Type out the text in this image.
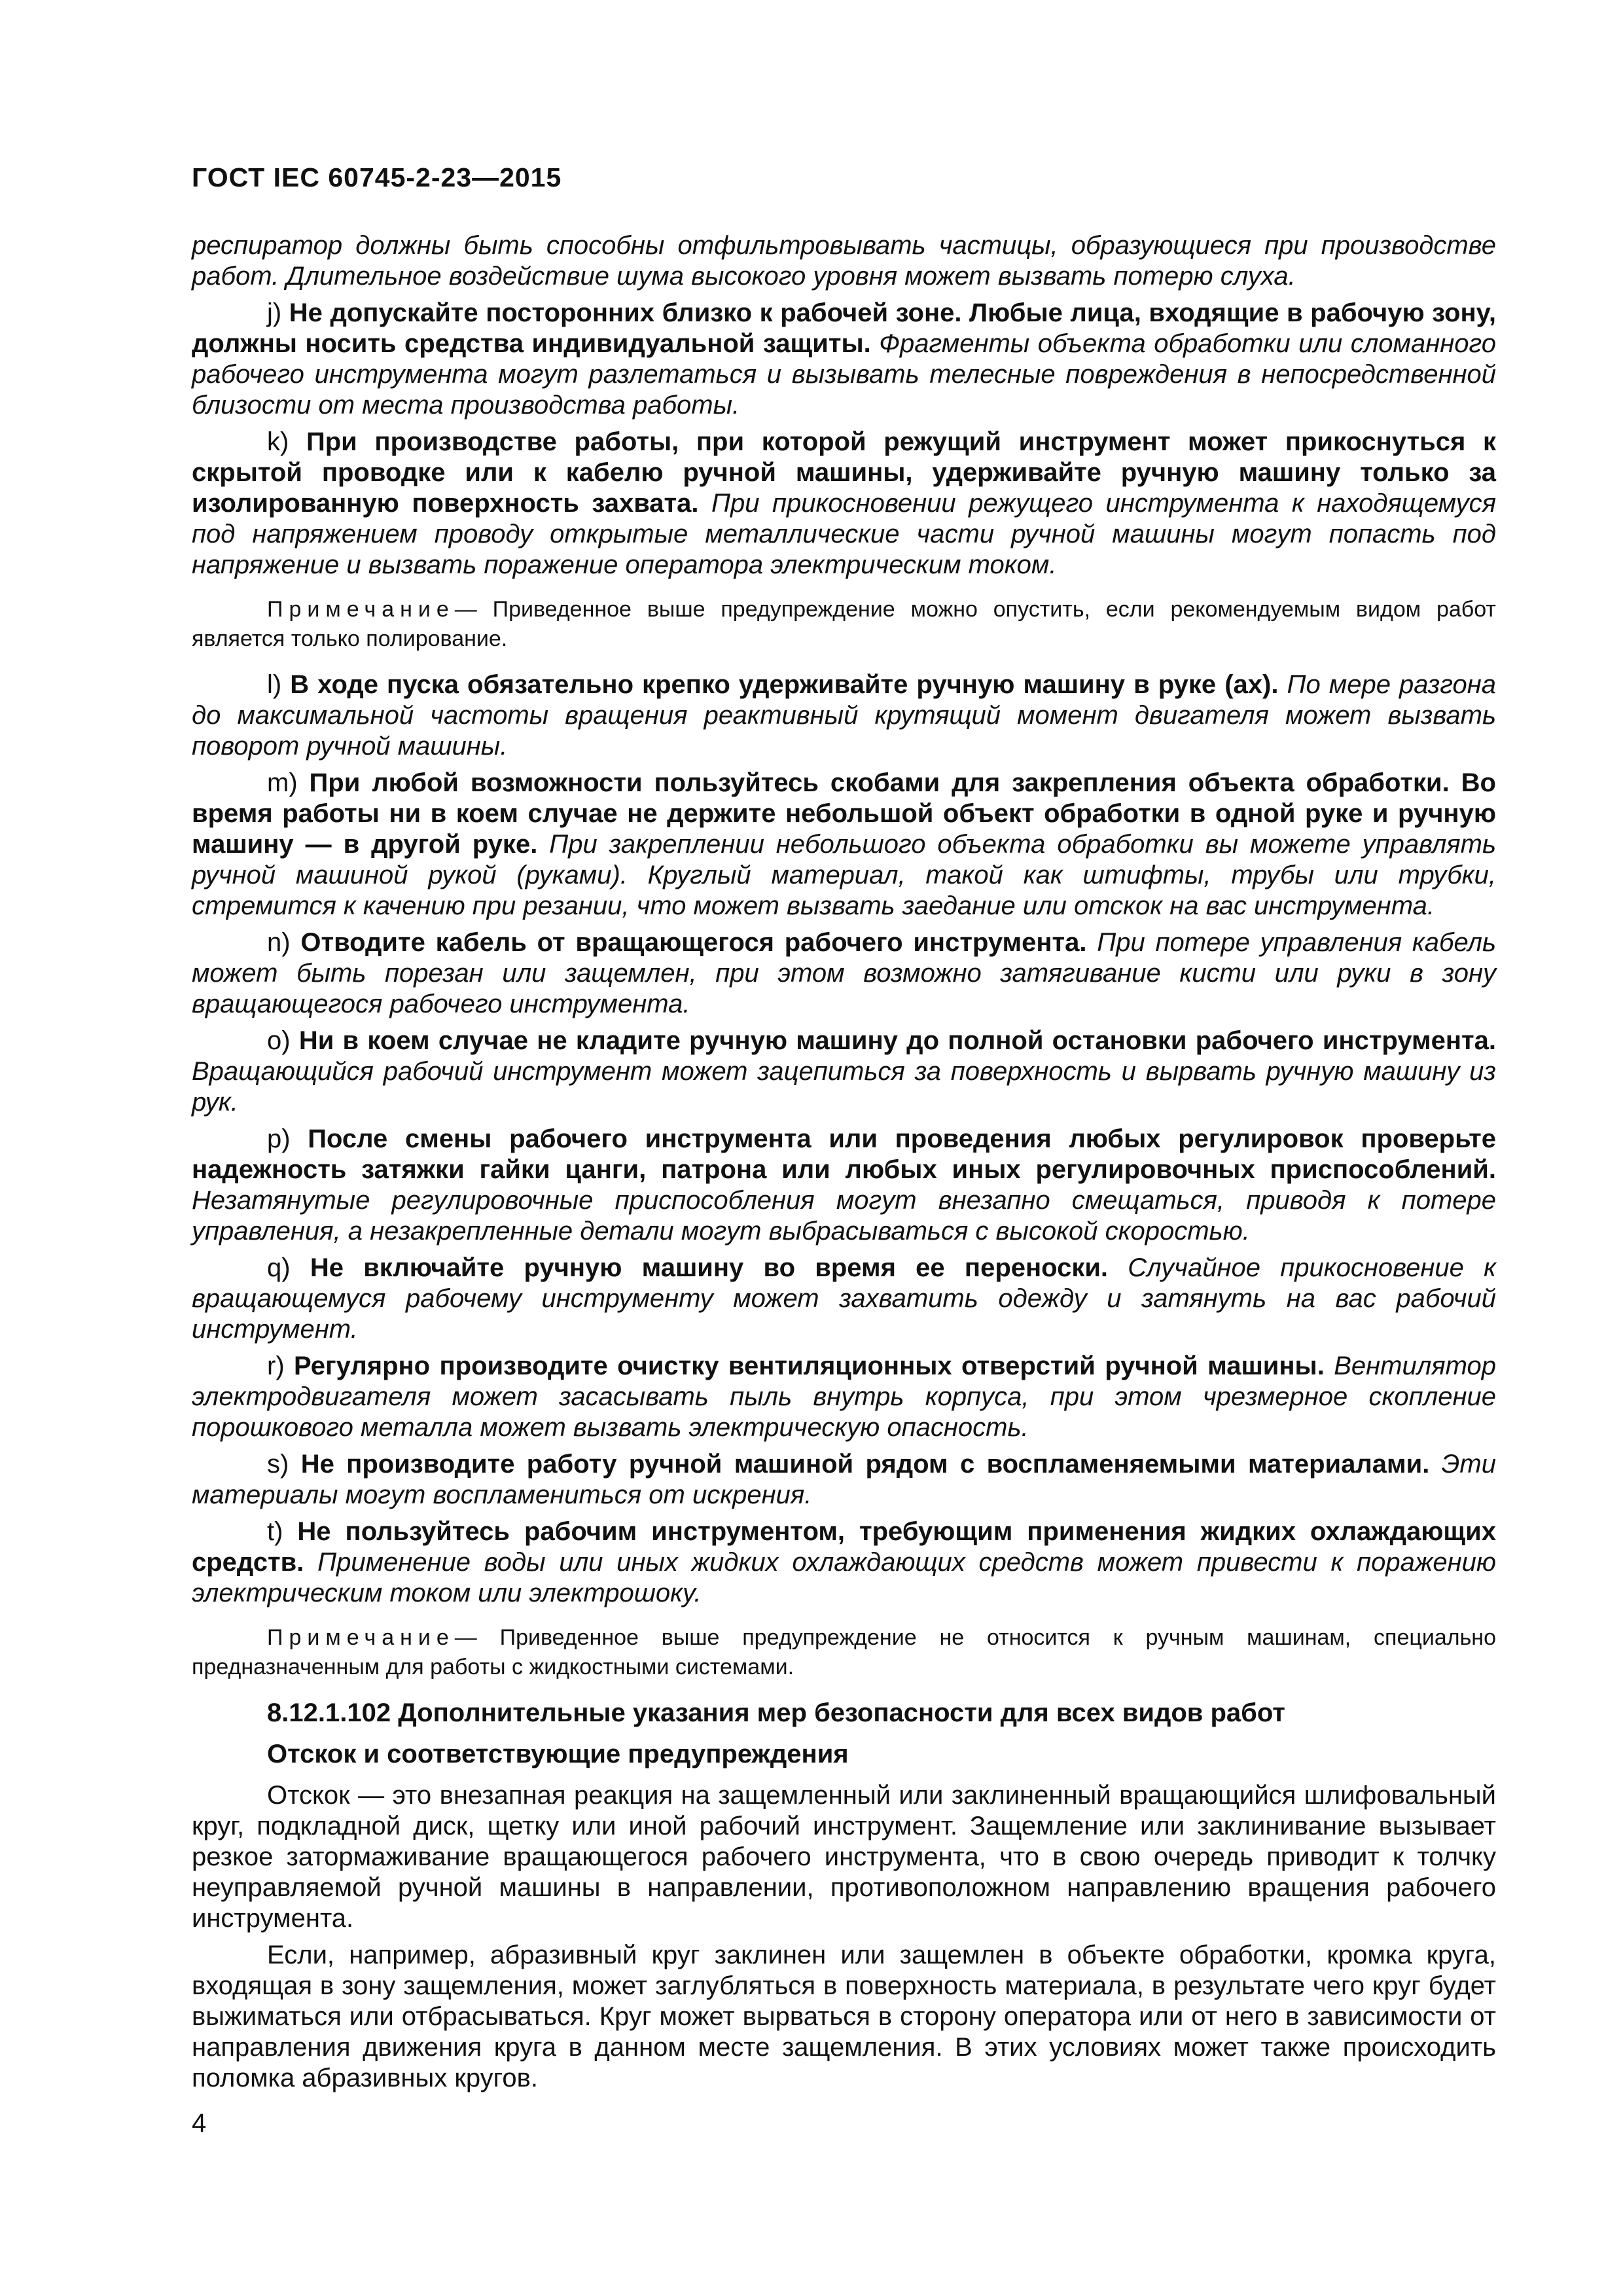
ГОСТ IEC 60745-2-23—2015

респиратор должны быть способны отфильтровывать частицы, образующиеся при производстве работ. Длительное воздействие шума высокого уровня может вызвать потерю слуха.

j) Не допускайте посторонних близко к рабочей зоне. Любые лица, входящие в рабочую зону, должны носить средства индивидуальной защиты. Фрагменты объекта обработки или сломанного рабочего инструмента могут разлетаться и вызывать телесные повреждения в непосредственной близости от места производства работы.

k) При производстве работы, при которой режущий инструмент может прикоснуться к скрытой проводке или к кабелю ручной машины, удерживайте ручную машину только за изолированную поверхность захвата. При прикосновении режущего инструмента к находящемуся под напряжением проводу открытые металлические части ручной машины могут попасть под напряжение и вызвать поражение оператора электрическим током.

Примечание— Приведенное выше предупреждение можно опустить, если рекомендуемым видом работ является только полирование.

l) В ходе пуска обязательно крепко удерживайте ручную машину в руке (ах). По мере разгона до максимальной частоты вращения реактивный крутящий момент двигателя может вызвать поворот ручной машины.

m) При любой возможности пользуйтесь скобами для закрепления объекта обработки. Во время работы ни в коем случае не держите небольшой объект обработки в одной руке и ручную машину — в другой руке. При закреплении небольшого объекта обработки вы можете управлять ручной машиной рукой (руками). Круглый материал, такой как штифты, трубы или трубки, стремится к качению при резании, что может вызвать заедание или отскок на вас инструмента.

n) Отводите кабель от вращающегося рабочего инструмента. При потере управления кабель может быть порезан или защемлен, при этом возможно затягивание кисти или руки в зону вращающегося рабочего инструмента.

o) Ни в коем случае не кладите ручную машину до полной остановки рабочего инструмента. Вращающийся рабочий инструмент может зацепиться за поверхность и вырвать ручную машину из рук.

p) После смены рабочего инструмента или проведения любых регулировок проверьте надежность затяжки гайки цанги, патрона или любых иных регулировочных приспособлений. Незатянутые регулировочные приспособления могут внезапно смещаться, приводя к потере управления, а незакрепленные детали могут выбрасываться с высокой скоростью.

q) Не включайте ручную машину во время ее переноски. Случайное прикосновение к вращающемуся рабочему инструменту может захватить одежду и затянуть на вас рабочий инструмент.

r) Регулярно производите очистку вентиляционных отверстий ручной машины. Вентилятор электродвигателя может засасывать пыль внутрь корпуса, при этом чрезмерное скопление порошкового металла может вызвать электрическую опасность.

s) Не производите работу ручной машиной рядом с воспламеняемыми материалами. Эти материалы могут воспламениться от искрения.

t) Не пользуйтесь рабочим инструментом, требующим применения жидких охлаждающих средств. Применение воды или иных жидких охлаждающих средств может привести к поражению электрическим током или электрошоку.

Примечание— Приведенное выше предупреждение не относится к ручным машинам, специально предназначенным для работы с жидкостными системами.

8.12.1.102 Дополнительные указания мер безопасности для всех видов работ

Отскок и соответствующие предупреждения

Отскок — это внезапная реакция на защемленный или заклиненный вращающийся шлифовальный круг, подкладной диск, щетку или иной рабочий инструмент. Защемление или заклинивание вызывает резкое затормаживание вращающегося рабочего инструмента, что в свою очередь приводит к толчку неуправляемой ручной машины в направлении, противоположном направлению вращения рабочего инструмента.

Если, например, абразивный круг заклинен или защемлен в объекте обработки, кромка круга, входящая в зону защемления, может заглубляться в поверхность материала, в результате чего круг будет выжиматься или отбрасываться. Круг может вырваться в сторону оператора или от него в зависимости от направления движения круга в данном месте защемления. В этих условиях может также происходить поломка абразивных кругов.

4
